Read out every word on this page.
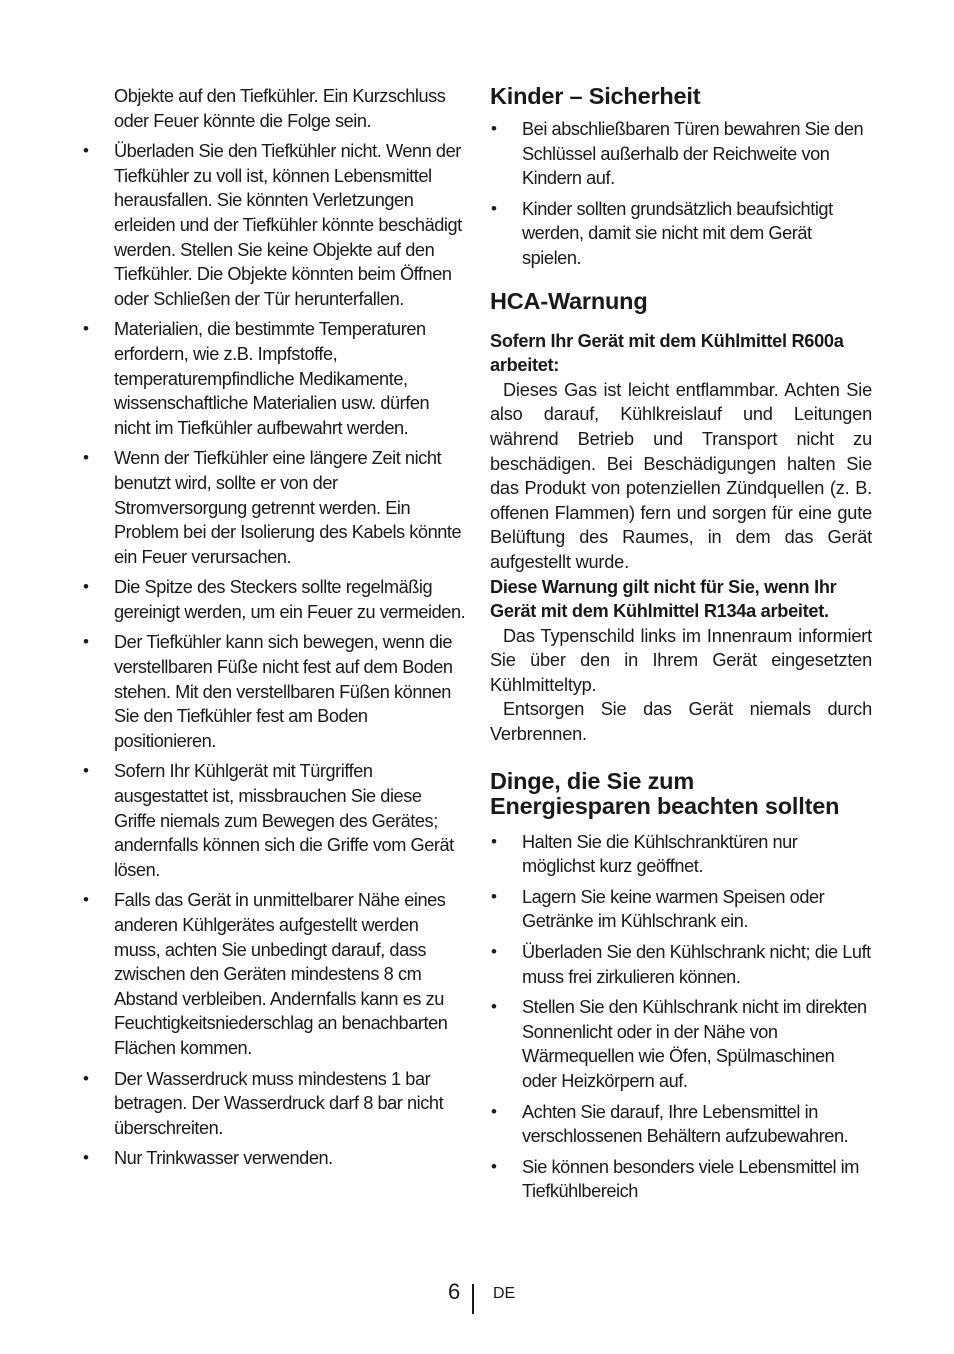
Objekte auf den Tiefkühler. Ein Kurzschluss oder Feuer könnte die Folge sein.

• Überladen Sie den Tiefkühler nicht. Wenn der Tiefkühler zu voll ist, können Lebensmittel herausfallen. Sie könnten Verletzungen erleiden und der Tiefkühler könnte beschädigt werden. Stellen Sie keine Objekte auf den Tiefkühler. Die Objekte könnten beim Öffnen oder Schließen der Tür herunterfallen.
• Materialien, die bestimmte Temperaturen erfordern, wie z.B. Impfstoffe, temperaturempfindliche Medikamente, wissenschaftliche Materialien usw. dürfen nicht im Tiefkühler aufbewahrt werden.
• Wenn der Tiefkühler eine längere Zeit nicht benutzt wird, sollte er von der Stromversorgung getrennt werden. Ein Problem bei der Isolierung des Kabels könnte ein Feuer verursachen.
• Die Spitze des Steckers sollte regelmäßig gereinigt werden, um ein Feuer zu vermeiden.
• Der Tiefkühler kann sich bewegen, wenn die verstellbaren Füße nicht fest auf dem Boden stehen. Mit den verstellbaren Füßen können Sie den Tiefkühler fest am Boden positionieren.
• Sofern Ihr Kühlgerät mit Türgriffen ausgestattet ist, missbrauchen Sie diese Griffe niemals zum Bewegen des Gerätes; andernfalls können sich die Griffe vom Gerät lösen.
• Falls das Gerät in unmittelbarer Nähe eines anderen Kühlgerätes aufgestellt werden muss, achten Sie unbedingt darauf, dass zwischen den Geräten mindestens 8 cm Abstand verbleiben. Andernfalls kann es zu Feuchtigkeitsniederschlag an benachbarten Flächen kommen.
• Der Wasserdruck muss mindestens 1 bar betragen. Der Wasserdruck darf 8 bar nicht überschreiten.
• Nur Trinkwasser verwenden.
Kinder – Sicherheit
• Bei abschließbaren Türen bewahren Sie den Schlüssel außerhalb der Reichweite von Kindern auf.
• Kinder sollten grundsätzlich beaufsichtigt werden, damit sie nicht mit dem Gerät spielen.
HCA-Warnung

Sofern Ihr Gerät mit dem Kühlmittel R600a arbeitet:

Dieses Gas ist leicht entflammbar. Achten Sie also darauf, Kühlkreislauf und Leitungen während Betrieb und Transport nicht zu beschädigen. Bei Beschädigungen halten Sie das Produkt von potenziellen Zündquellen (z. B. offenen Flammen) fern und sorgen für eine gute Belüftung des Raumes, in dem das Gerät aufgestellt wurde.

Diese Warnung gilt nicht für Sie, wenn Ihr Gerät mit dem Kühlmittel R134a arbeitet.

Das Typenschild links im Innenraum informiert Sie über den in Ihrem Gerät eingesetzten Kühlmitteltyp.

Entsorgen Sie das Gerät niemals durch Verbrennen.

Dinge, die Sie zum
Energiesparen beachten sollten
• Halten Sie die Kühlschranktüren nur möglichst kurz geöffnet.
• Lagern Sie keine warmen Speisen oder Getränke im Kühlschrank ein.
• Überladen Sie den Kühlschrank nicht; die Luft muss frei zirkulieren können.
• Stellen Sie den Kühlschrank nicht im direkten Sonnenlicht oder in der Nähe von Wärmequellen wie Öfen, Spülmaschinen oder Heizkörpern auf.
• Achten Sie darauf, Ihre Lebensmittel in verschlossenen Behältern aufzubewahren.
• Sie können besonders viele Lebensmittel im Tiefkühlbereich
6 DE
